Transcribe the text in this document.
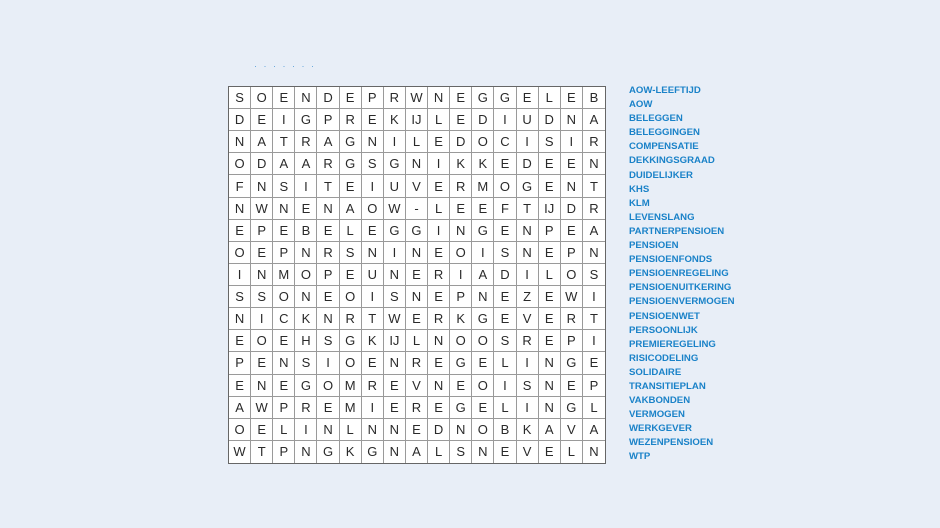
· · · · · · ·
S O E	N D	E	P	R W N	E G G E	L	E	B
D	E	I	G P	R	E	K IJ	L	E	D	I	U D N	A
N	A	T	R	A G N	I	L	E	D O C	I	S	I	R
O D	A	A	R G S G N	I	K	K	E	D	E	E	N
F	N	S	I	T	E	I	U	V	E	R M O G E	N	T
N W N	E	N	A O W	-	L	E	E	F	T	IJ D	R
E	P	E	B	E	L	E G G	I	N G E	N	P	E	A
O E	P	N R	S	N	I	N	E O	I	S	N	E	P	N
I	N M O P	E	U N	E	R	I	A	D	I	L	O	S
S	S O N	E O	I	S	N	E	P	N	E	Z	E W	I
N	I	C	K	N R	T W E	R	K G E	V	E	R	T
E O E	H	S G K IJ	L	N O O S	R	E	P	I
P	E	N	S	I	O E	N R	E G E	L	I	N G	E
E	N	E G O M R	E	V	N	E O	I	S	N	E	P
A W P	R	E M	I	E	R	E G E	L	I	N G	L
O E	L	I	N	L	N N	E	D N O B	K	A	V	A
W T	P	N G K G N	A	L	S	N	E	V	E	L	N
AOW-LEEFTIJD
AOW
BELEGGEN
BELEGGINGEN
COMPENSATIE
DEKKINGSGRAAD
DUIDELIJKER
KHS
KLM
LEVENSLANG
PARTNERPENSIOEN
PENSIOEN
PENSIOENFONDS
PENSIOENREGELING
PENSIOENUITKERING
PENSIOENVERMOGEN
PENSIOENWET
PERSOONLIJK
PREMIEREGELING
RISICODELING
SOLIDAIRE
TRANSITIEPLAN
VAKBONDEN
VERMOGEN
WERKGEVER
WEZENPENSIOEN
WTP
